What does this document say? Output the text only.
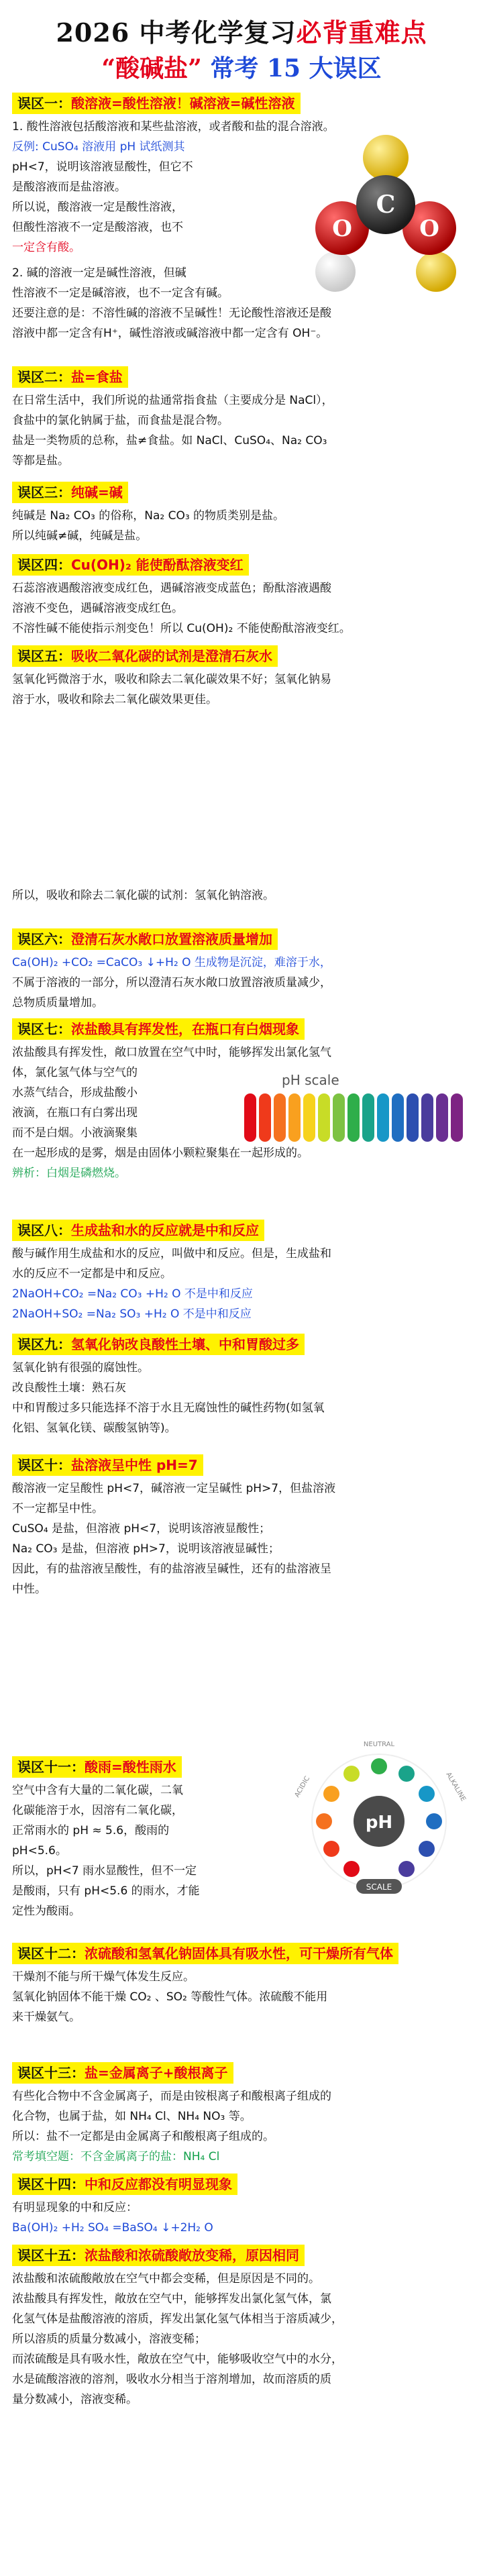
2026 中考化学复习必背重难点
“酸碱盐” 常考 15 大误区
误区一：酸溶液=酸性溶液！碱溶液=碱性溶液

1. 酸性溶液包括酸溶液和某些盐溶液，或者酸和盐的混合溶液。

反例: CuSO₄ 溶液用 pH 试纸测其

pH<7，说明该溶液显酸性，但它不

是酸溶液而是盐溶液。

所以说，酸溶液一定是酸性溶液，

但酸性溶液不一定是酸溶液，也不

一定含有酸。

2. 碱的溶液一定是碱性溶液，但碱

性溶液不一定是碱溶液，也不一定含有碱。

还要注意的是：不溶性碱的溶液不呈碱性！无论酸性溶液还是酸

溶液中都一定含有H⁺，碱性溶液或碱溶液中都一定含有 OH⁻。

C
O	O
误区二：盐=食盐

在日常生活中，我们所说的盐通常指食盐（主要成分是 NaCl），

食盐中的氯化钠属于盐，而食盐是混合物。

盐是一类物质的总称，盐≠食盐。如 NaCl、CuSO₄、Na₂ CO₃

等都是盐。

误区三：纯碱=碱

纯碱是 Na₂ CO₃ 的俗称，Na₂ CO₃ 的物质类别是盐。

所以纯碱≠碱，纯碱是盐。

误区四：Cu(OH)₂ 能使酚酞溶液变红

石蕊溶液遇酸溶液变成红色，遇碱溶液变成蓝色；酚酞溶液遇酸

溶液不变色，遇碱溶液变成红色。

不溶性碱不能使指示剂变色！所以 Cu(OH)₂ 不能使酚酞溶液变红。

误区五：吸收二氧化碳的试剂是澄清石灰水

氢氧化钙微溶于水，吸收和除去二氧化碳效果不好；氢氧化钠易

溶于水，吸收和除去二氧化碳效果更佳。

所以，吸收和除去二氧化碳的试剂：氢氧化钠溶液。

误区六：澄清石灰水敞口放置溶液质量增加

Ca(OH)₂ +CO₂ =CaCO₃ ↓+H₂ O 生成物是沉淀，难溶于水，

不属于溶液的一部分，所以澄清石灰水敞口放置溶液质量减少，

总物质质量增加。

误区七：浓盐酸具有挥发性，在瓶口有白烟现象

浓盐酸具有挥发性，敞口放置在空气中时，能够挥发出氯化氢气

体，氯化氢气体与空气的

水蒸气结合，形成盐酸小

液滴，在瓶口有白雾出现

而不是白烟。小液滴聚集

在一起形成的是雾，烟是由固体小颗粒聚集在一起形成的。

辨析：白烟是磷燃烧。

pH scale
误区八：生成盐和水的反应就是中和反应

酸与碱作用生成盐和水的反应，叫做中和反应。但是，生成盐和

水的反应不一定都是中和反应。

2NaOH+CO₂ =Na₂ CO₃ +H₂ O 不是中和反应

2NaOH+SO₂ =Na₂ SO₃ +H₂ O 不是中和反应

误区九：氢氧化钠改良酸性土壤、中和胃酸过多

氢氧化钠有很强的腐蚀性。

改良酸性土壤：熟石灰

中和胃酸过多只能选择不溶于水且无腐蚀性的碱性药物(如氢氧

化铝、氢氧化镁、碳酸氢钠等)。

误区十：盐溶液呈中性 pH=7

酸溶液一定呈酸性 pH<7，碱溶液一定呈碱性 pH>7，但盐溶液

不一定都呈中性。

CuSO₄ 是盐，但溶液 pH<7，说明该溶液显酸性；

Na₂ CO₃ 是盐，但溶液 pH>7，说明该溶液显碱性；

因此，有的盐溶液呈酸性，有的盐溶液呈碱性，还有的盐溶液呈

中性。

误区十一：酸雨=酸性雨水

空气中含有大量的二氧化碳，二氧

化碳能溶于水，因溶有二氧化碳，

正常雨水的 pH ≈ 5.6，酸雨的

pH<5.6。

所以，pH<7 雨水显酸性，但不一定

是酸雨，只有 pH<5.6 的雨水，才能

定性为酸雨。

pH
SCALE
NEUTRAL
ACIDIC	ALKALINE
误区十二：浓硫酸和氢氧化钠固体具有吸水性，可干燥所有气体

干燥剂不能与所干燥气体发生反应。

氢氧化钠固体不能干燥 CO₂ 、SO₂ 等酸性气体。浓硫酸不能用

来干燥氨气。

误区十三：盐=金属离子+酸根离子

有些化合物中不含金属离子，而是由铵根离子和酸根离子组成的

化合物，也属于盐，如 NH₄ Cl、NH₄ NO₃ 等。

所以：盐不一定都是由金属离子和酸根离子组成的。

常考填空题：不含金属离子的盐：NH₄ Cl

误区十四：中和反应都没有明显现象

有明显现象的中和反应：

Ba(OH)₂ +H₂ SO₄ =BaSO₄ ↓+2H₂ O

误区十五：浓盐酸和浓硫酸敞放变稀，原因相同

浓盐酸和浓硫酸敞放在空气中都会变稀，但是原因是不同的。

浓盐酸具有挥发性，敞放在空气中，能够挥发出氯化氢气体，氯

化氢气体是盐酸溶液的溶质，挥发出氯化氢气体相当于溶质减少，

所以溶质的质量分数减小，溶液变稀；

而浓硫酸是具有吸水性，敞放在空气中，能够吸收空气中的水分，

水是硫酸溶液的溶剂，吸收水分相当于溶剂增加，故而溶质的质

量分数减小，溶液变稀。
